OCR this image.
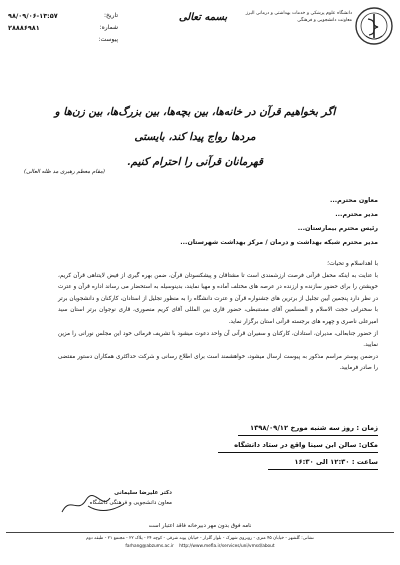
دانشگاه علوم پزشکی و خدمات بهداشتی و درمانی البرز
معاونت دانشجویی و فرهنگی
بسمه تعالی
تاریخ:
۹۸/۰۹/۰۶-۱۳:۵۷
شماره:
۲۸۸۸۶۹۸۱
پیوست:
اگر بخواهیم قرآن در خانه‌ها، بین بچه‌ها، بین بزرگ‌ها، بین زن‌ها و مردها رواج پیدا کند، بایستی
قهرمانان قرآنی را احترام کنیم.
(مقام معظم رهبری مد ظله العالی)
معاون محترم...
مدیر محترم...
رئیس محترم بیمارستان...
مدیر محترم شبکه بهداشت و درمان / مرکز بهداشت شهرستان...

با اهداسلام و تحیات؛

با عنایت به اینکه محفل قرآنی فرصت ارزشمندی است تا مشتاقان و پیشکسوتان قرآن، ضمن بهره گیری از فیض لایتناهی قرآن کریم، خویشتن را برای حضور سازنده و ارزنده در عرصه های مختلف آماده و مهیا نمایند، بدینوسیله به استحضار می رساند اداره قرآن و عترت در نظر دارد پنجمین آیین تجلیل از برترین های جشنواره قرآن و عترت دانشگاه را به منظور تجلیل از استادان، کارکنان و دانشجویان برتر با سخنرانی حجت الاسلام و المسلمین آقای مستنبطی، حضور قاری بین المللی آقای کریم منصوری، قاری نوجوان برتر استان سید امیرعلی ناصری و چهره های برجسته قرآنی استان برگزار نماید.

از حضور جنابعالی، مدیران، استادان، کارکنان و سفیران قرآنی آن واحد دعوت میشود با تشریف فرمائی خود این مجلس نورانی را مزین نمایید.

درضمن پوستر مراسم مذکور به پیوست ارسال میشود، خواهشمند است برای اطلاع رسانی و شرکت حداکثری همکاران دستور مقتضی را صادر فرمایید.

زمان : روز سه شنبه مورخ ۱۳۹۸/۰۹/۱۲
مکان: سالن ابن سینا واقع در ستاد دانشگاه
ساعت : ۱۲:۳۰ الی ۱۶:۳۰
دکتر علیرضا سلیمانی
معاون دانشجویی و فرهنگی دانشگاه
نامه فوق بدون مهر دبیرخانه فاقد اعتبار است
نشانی: گلشهر - خیابان ۴۵ متری - روبروی شهرک - بلوار گلزار - خیابان پونه شرقی - کوچه ۲۴ - پلاک ۲۲ - مجتمع ۲۱ - طبقه دوم
farhang@abzums.ac.ir http://www.mefla.ir/services/uni/vmsd/about
